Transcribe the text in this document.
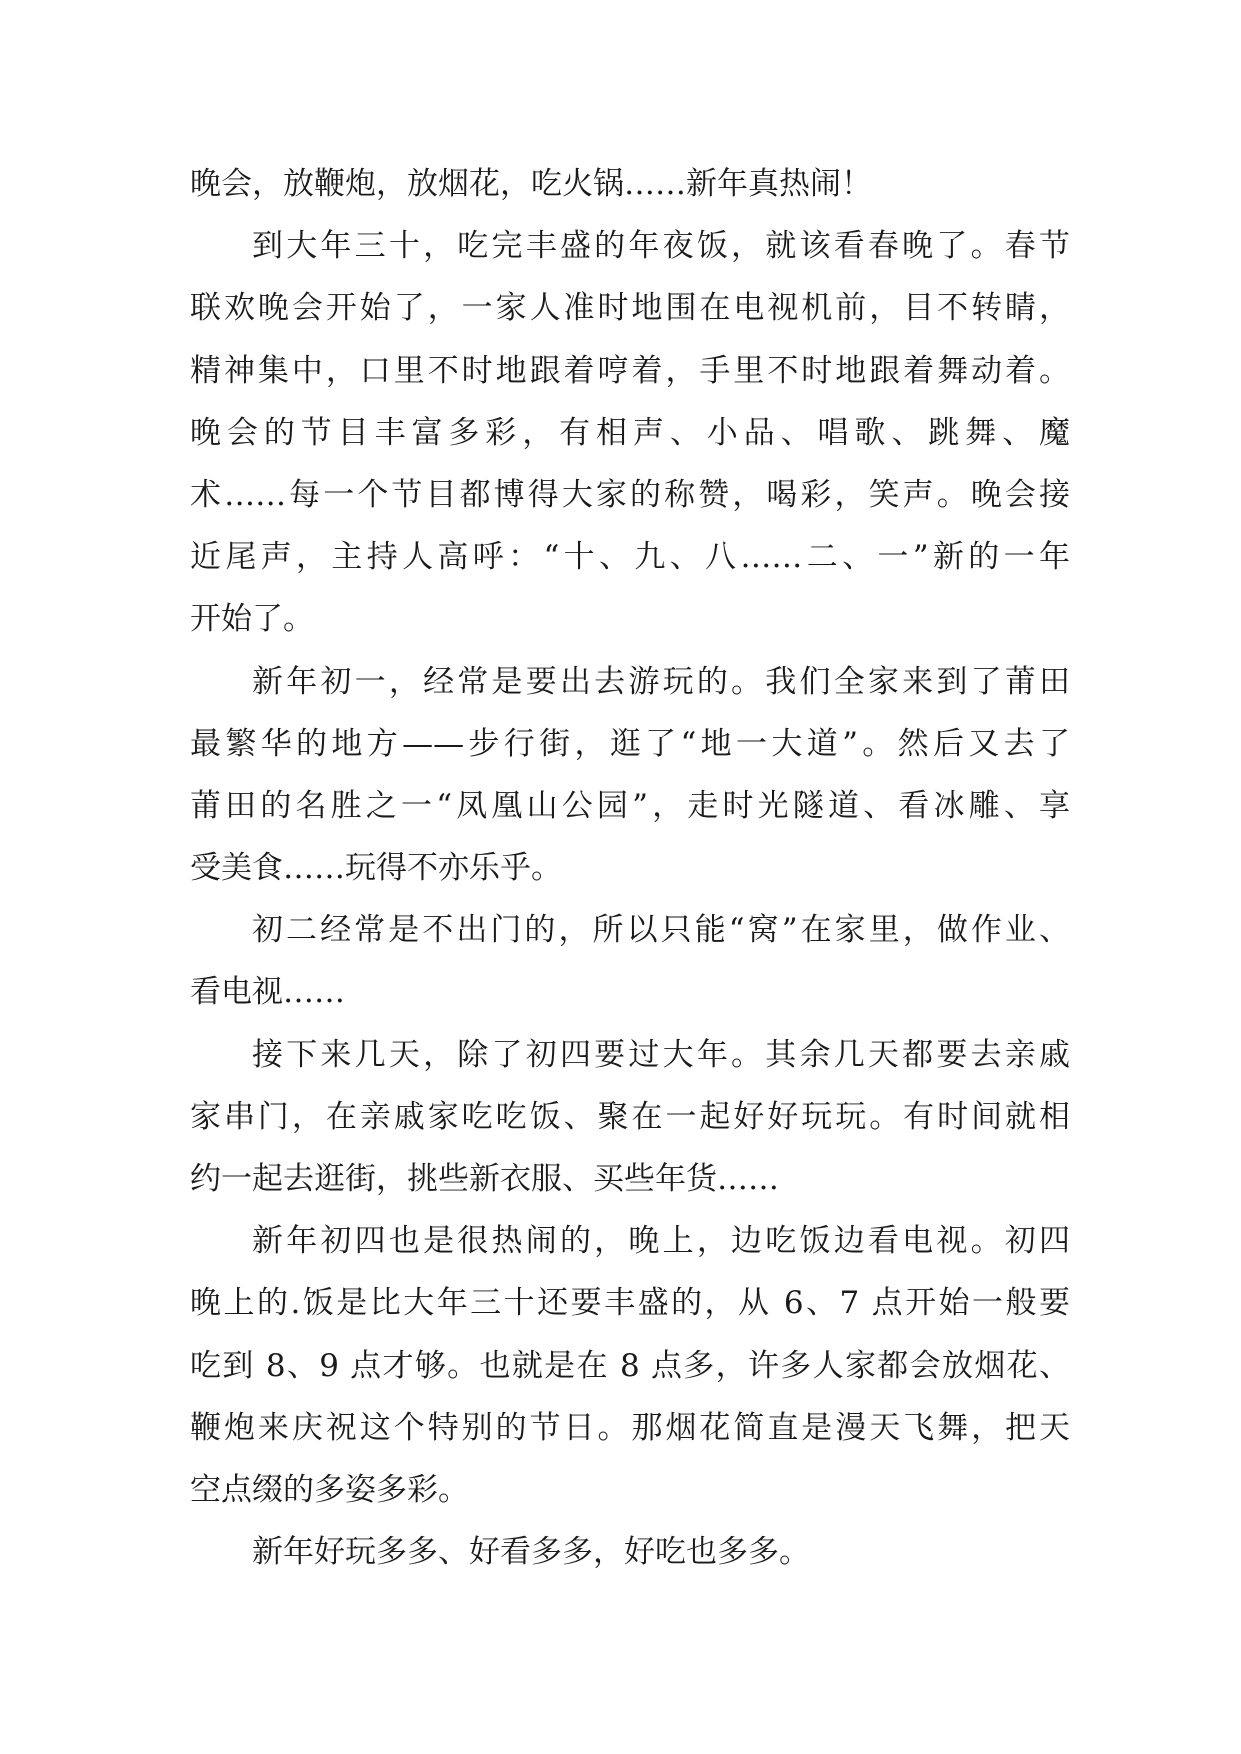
晚会，放鞭炮，放烟花，吃火锅……新年真热闹！
到大年三十，吃完丰盛的年夜饭，就该看春晚了。春节
联欢晚会开始了，一家人准时地围在电视机前，目不转睛，
精神集中，口里不时地跟着哼着，手里不时地跟着舞动着。
晚会的节目丰富多彩，有相声、小品、唱歌、跳舞、魔
术……每一个节目都博得大家的称赞，喝彩，笑声。晚会接
近尾声，主持人高呼：“十、九、八……二、一”新的一年
开始了。
新年初一，经常是要出去游玩的。我们全家来到了莆田
最繁华的地方——步行街，逛了“地一大道”。然后又去了
莆田的名胜之一“凤凰山公园”，走时光隧道、看冰雕、享
受美食……玩得不亦乐乎。
初二经常是不出门的，所以只能“窝”在家里，做作业、
看电视……
接下来几天，除了初四要过大年。其余几天都要去亲戚
家串门，在亲戚家吃吃饭、聚在一起好好玩玩。有时间就相
约一起去逛街，挑些新衣服、买些年货……
新年初四也是很热闹的，晚上，边吃饭边看电视。初四
晚上的.饭是比大年三十还要丰盛的，从 6、7 点开始一般要
吃到 8、9 点才够。也就是在 8 点多，许多人家都会放烟花、
鞭炮来庆祝这个特别的节日。那烟花简直是漫天飞舞，把天
空点缀的多姿多彩。
新年好玩多多、好看多多，好吃也多多。
